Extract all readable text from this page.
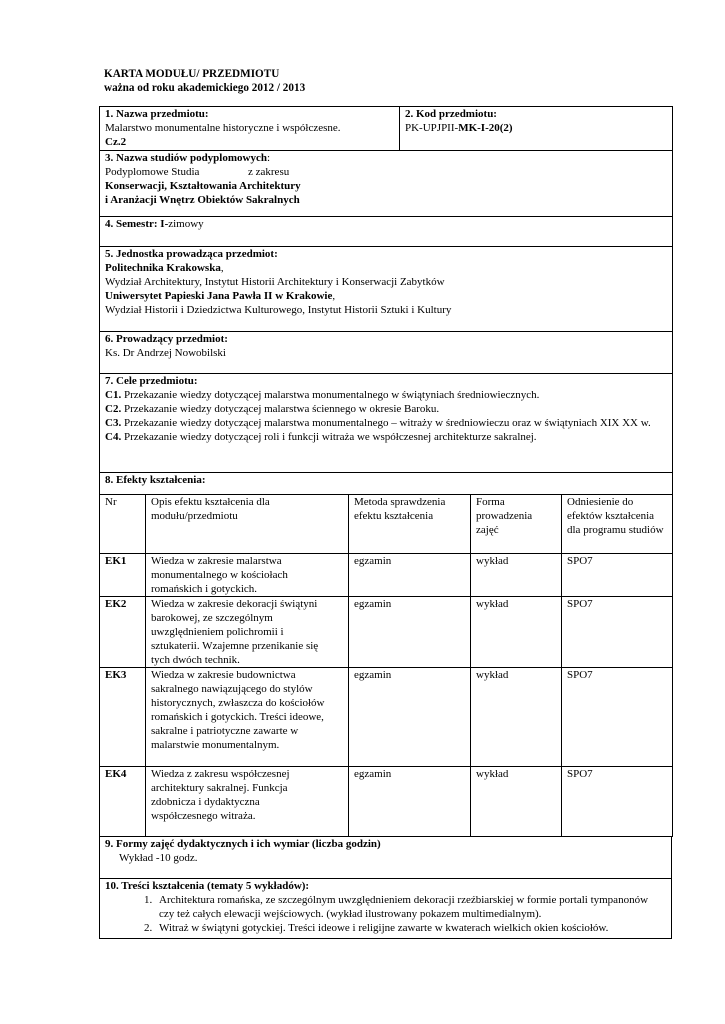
KARTA MODUŁU/ PRZEDMIOTU
ważna od roku akademickiego 2012 / 2013
1. Nazwa przedmiotu:
Malarstwo monumentalne historyczne i współczesne.
Cz.2

2. Kod przedmiotu:
PK-UPJPII-MK-I-20(2)

3. Nazwa studiów podyplomowych:
Podyplomowe Studia	z zakresu
Konserwacji, Kształtowania Architektury
i Aranżacji Wnętrz Obiektów Sakralnych

4. Semestr: I-zimowy

5. Jednostka prowadząca przedmiot:
Politechnika Krakowska,
Wydział Architektury, Instytut Historii Architektury i Konserwacji Zabytków
Uniwersytet Papieski Jana Pawła II w Krakowie,
Wydział Historii i Dziedzictwa Kulturowego, Instytut Historii Sztuki i Kultury

6. Prowadzący przedmiot:
Ks. Dr Andrzej Nowobilski

7. Cele przedmiotu:
C1. Przekazanie wiedzy dotyczącej malarstwa monumentalnego w świątyniach średniowiecznych.
C2. Przekazanie wiedzy dotyczącej malarstwa ściennego w okresie Baroku.
C3. Przekazanie wiedzy dotyczącej malarstwa monumentalnego – witraży w średniowieczu oraz w świątyniach XIX XX w.
C4. Przekazanie wiedzy dotyczącej roli i funkcji witraża we współczesnej architekturze sakralnej.

8. Efekty kształcenia:
Nr	Opis efektu kształcenia dla modułu/przedmiotu	Metoda sprawdzenia efektu kształcenia	Forma prowadzenia zajęć	Odniesienie do efektów kształcenia dla programu studiów
EK1	Wiedza w zakresie malarstwa monumentalnego w kościołach romańskich i gotyckich.	egzamin	wykład	SPO7
EK2	Wiedza w zakresie dekoracji świątyni barokowej, ze szczególnym uwzględnieniem polichromii i sztukaterii. Wzajemne przenikanie się tych dwóch technik.	egzamin	wykład	SPO7
EK3	Wiedza w zakresie budownictwa sakralnego nawiązującego do stylów historycznych, zwłaszcza do kościołów romańskich i gotyckich. Treści ideowe, sakralne i patriotyczne zawarte w malarstwie monumentalnym.	egzamin	wykład	SPO7
EK4	Wiedza z zakresu współczesnej architektury sakralnej. Funkcja zdobnicza i dydaktyczna współczesnego witraża.	egzamin	wykład	SPO7
9. Formy zajęć dydaktycznych i ich wymiar (liczba godzin)
Wykład -10 godz.

10. Treści kształcenia (tematy 5 wykładów):
1. Architektura romańska, ze szczególnym uwzględnieniem dekoracji rzeźbiarskiej w formie portali tympanonów czy też całych elewacji wejściowych. (wykład ilustrowany pokazem multimedialnym).
2. Witraż w świątyni gotyckiej. Treści ideowe i religijne zawarte w kwaterach wielkich okien kościołów.
